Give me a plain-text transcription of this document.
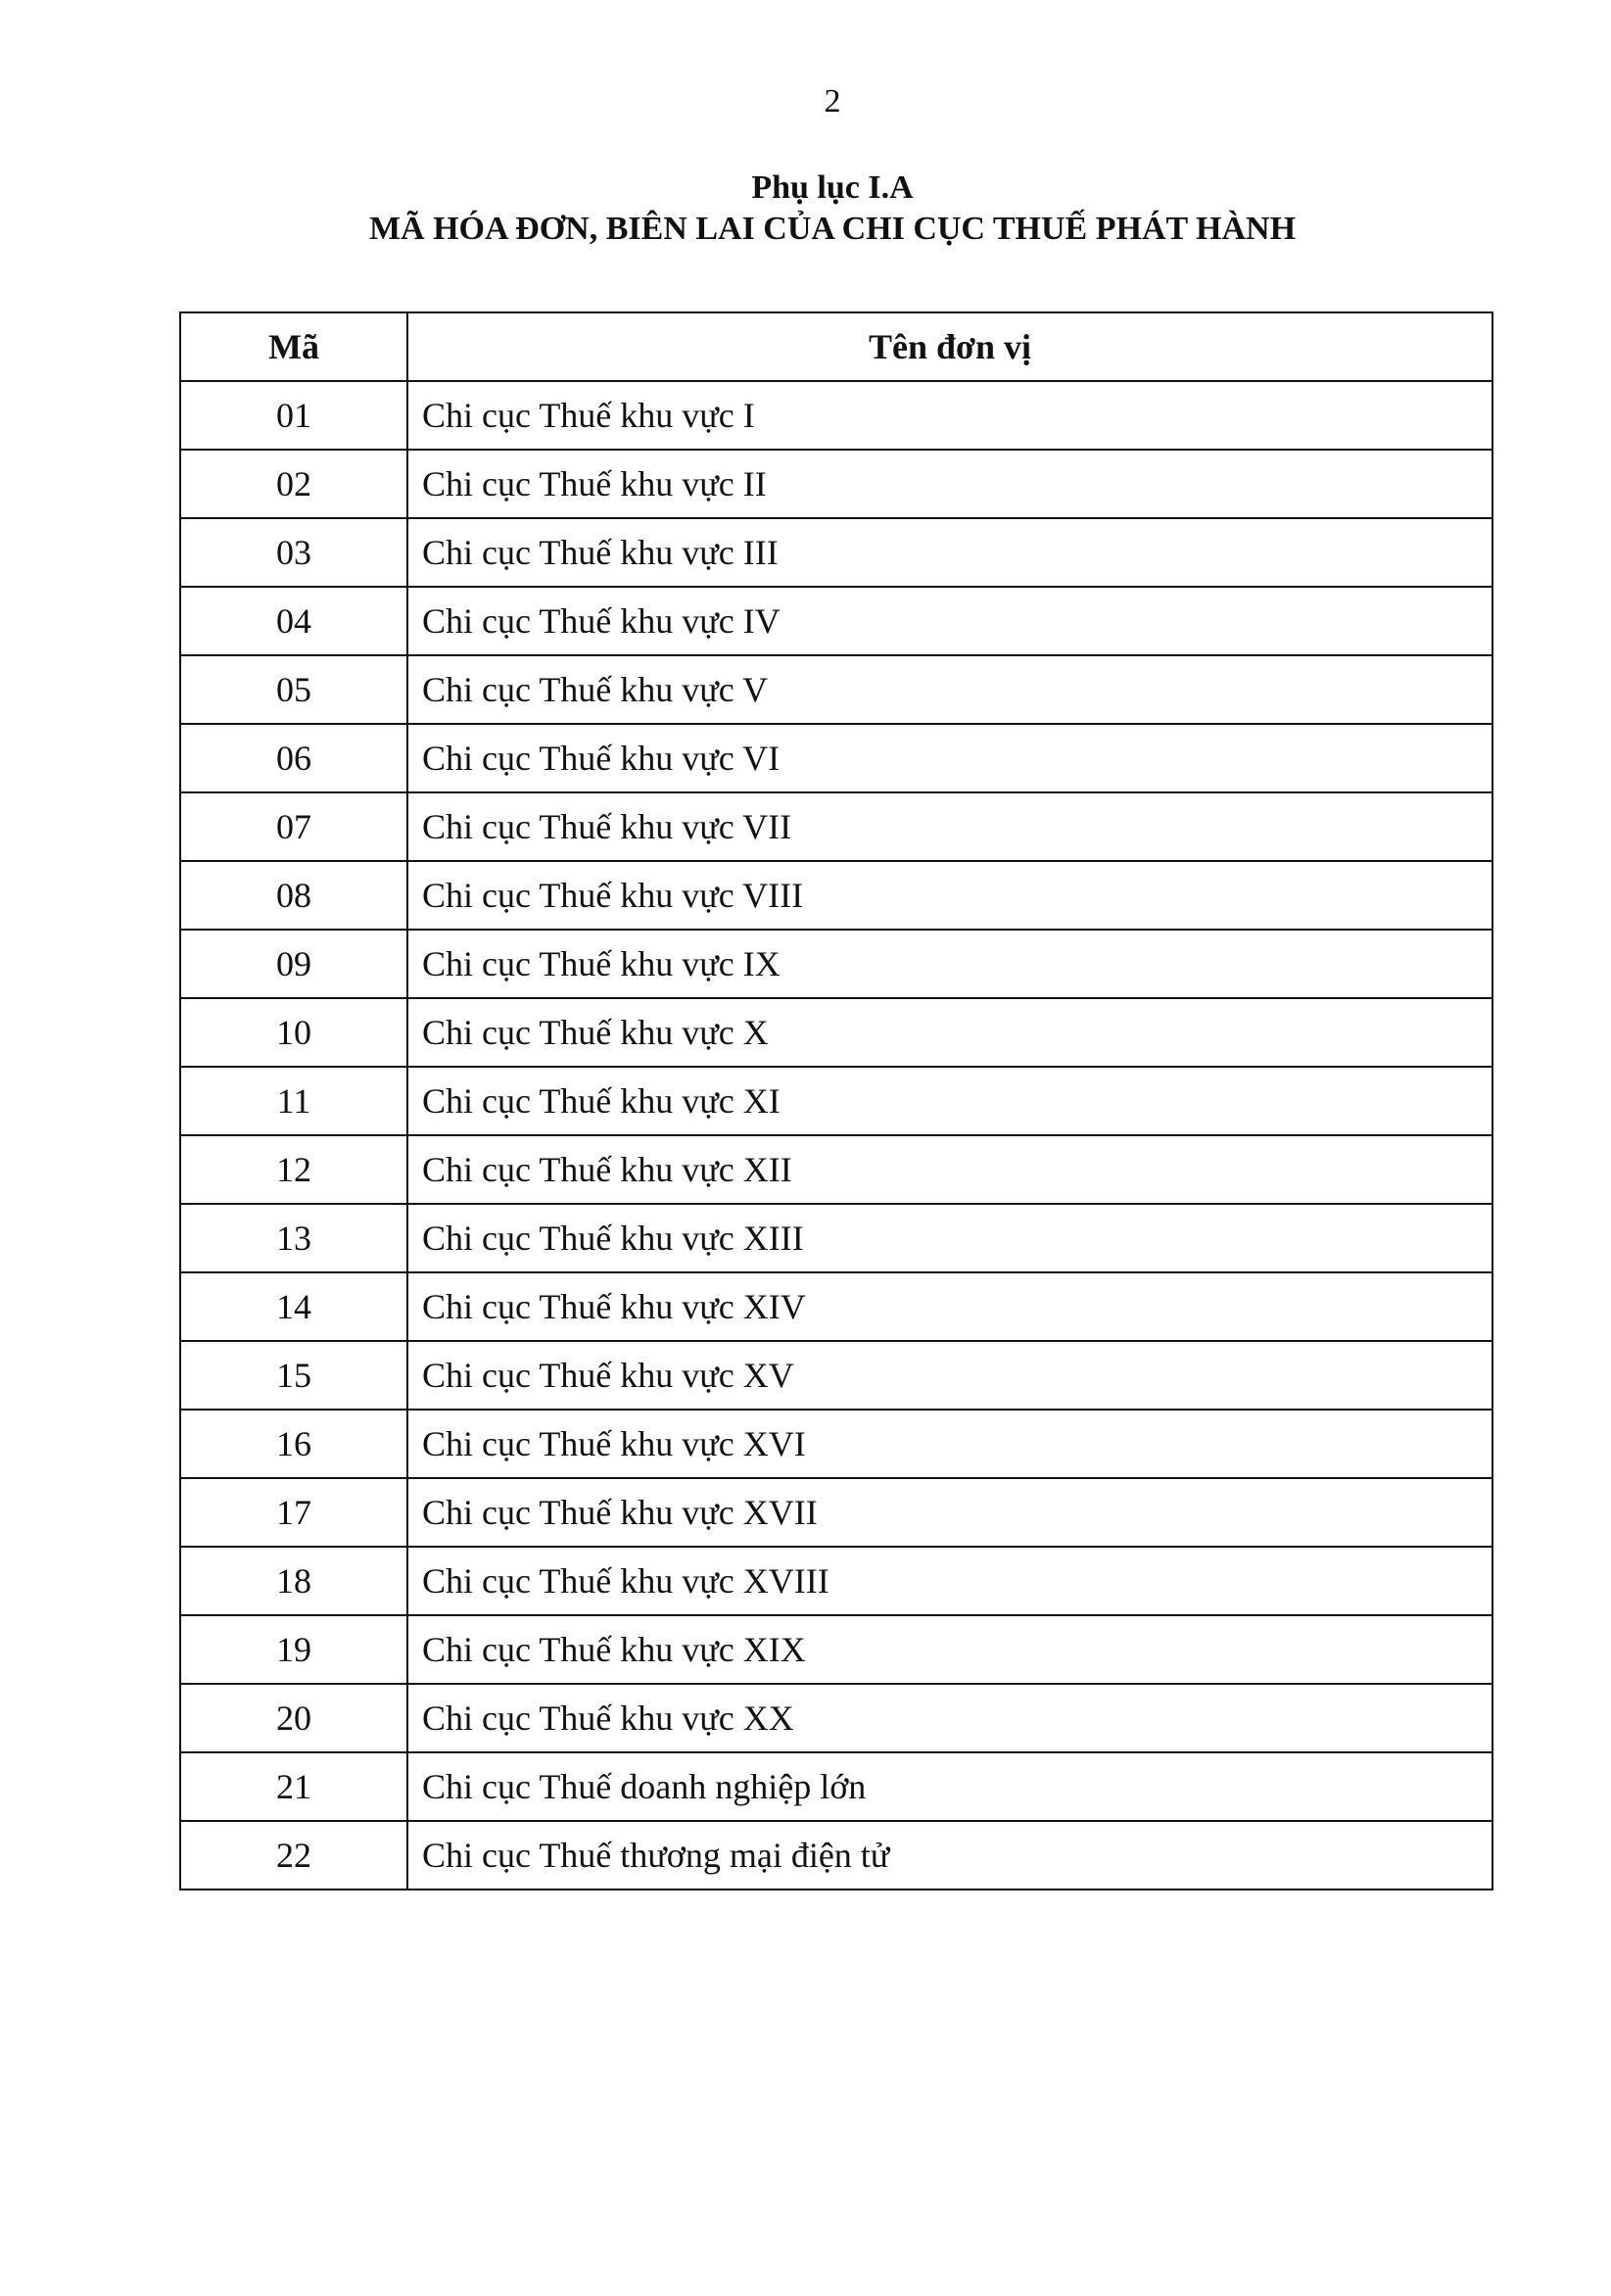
2
Phụ lục I.A
MÃ HÓA ĐƠN, BIÊN LAI CỦA CHI CỤC THUẾ PHÁT HÀNH
Mã	Tên đơn vị
01	Chi cục Thuế khu vực I
02	Chi cục Thuế khu vực II
03	Chi cục Thuế khu vực III
04	Chi cục Thuế khu vực IV
05	Chi cục Thuế khu vực V
06	Chi cục Thuế khu vực VI
07	Chi cục Thuế khu vực VII
08	Chi cục Thuế khu vực VIII
09	Chi cục Thuế khu vực IX
10	Chi cục Thuế khu vực X
11	Chi cục Thuế khu vực XI
12	Chi cục Thuế khu vực XII
13	Chi cục Thuế khu vực XIII
14	Chi cục Thuế khu vực XIV
15	Chi cục Thuế khu vực XV
16	Chi cục Thuế khu vực XVI
17	Chi cục Thuế khu vực XVII
18	Chi cục Thuế khu vực XVIII
19	Chi cục Thuế khu vực XIX
20	Chi cục Thuế khu vực XX
21	Chi cục Thuế doanh nghiệp lớn
22	Chi cục Thuế thương mại điện tử
